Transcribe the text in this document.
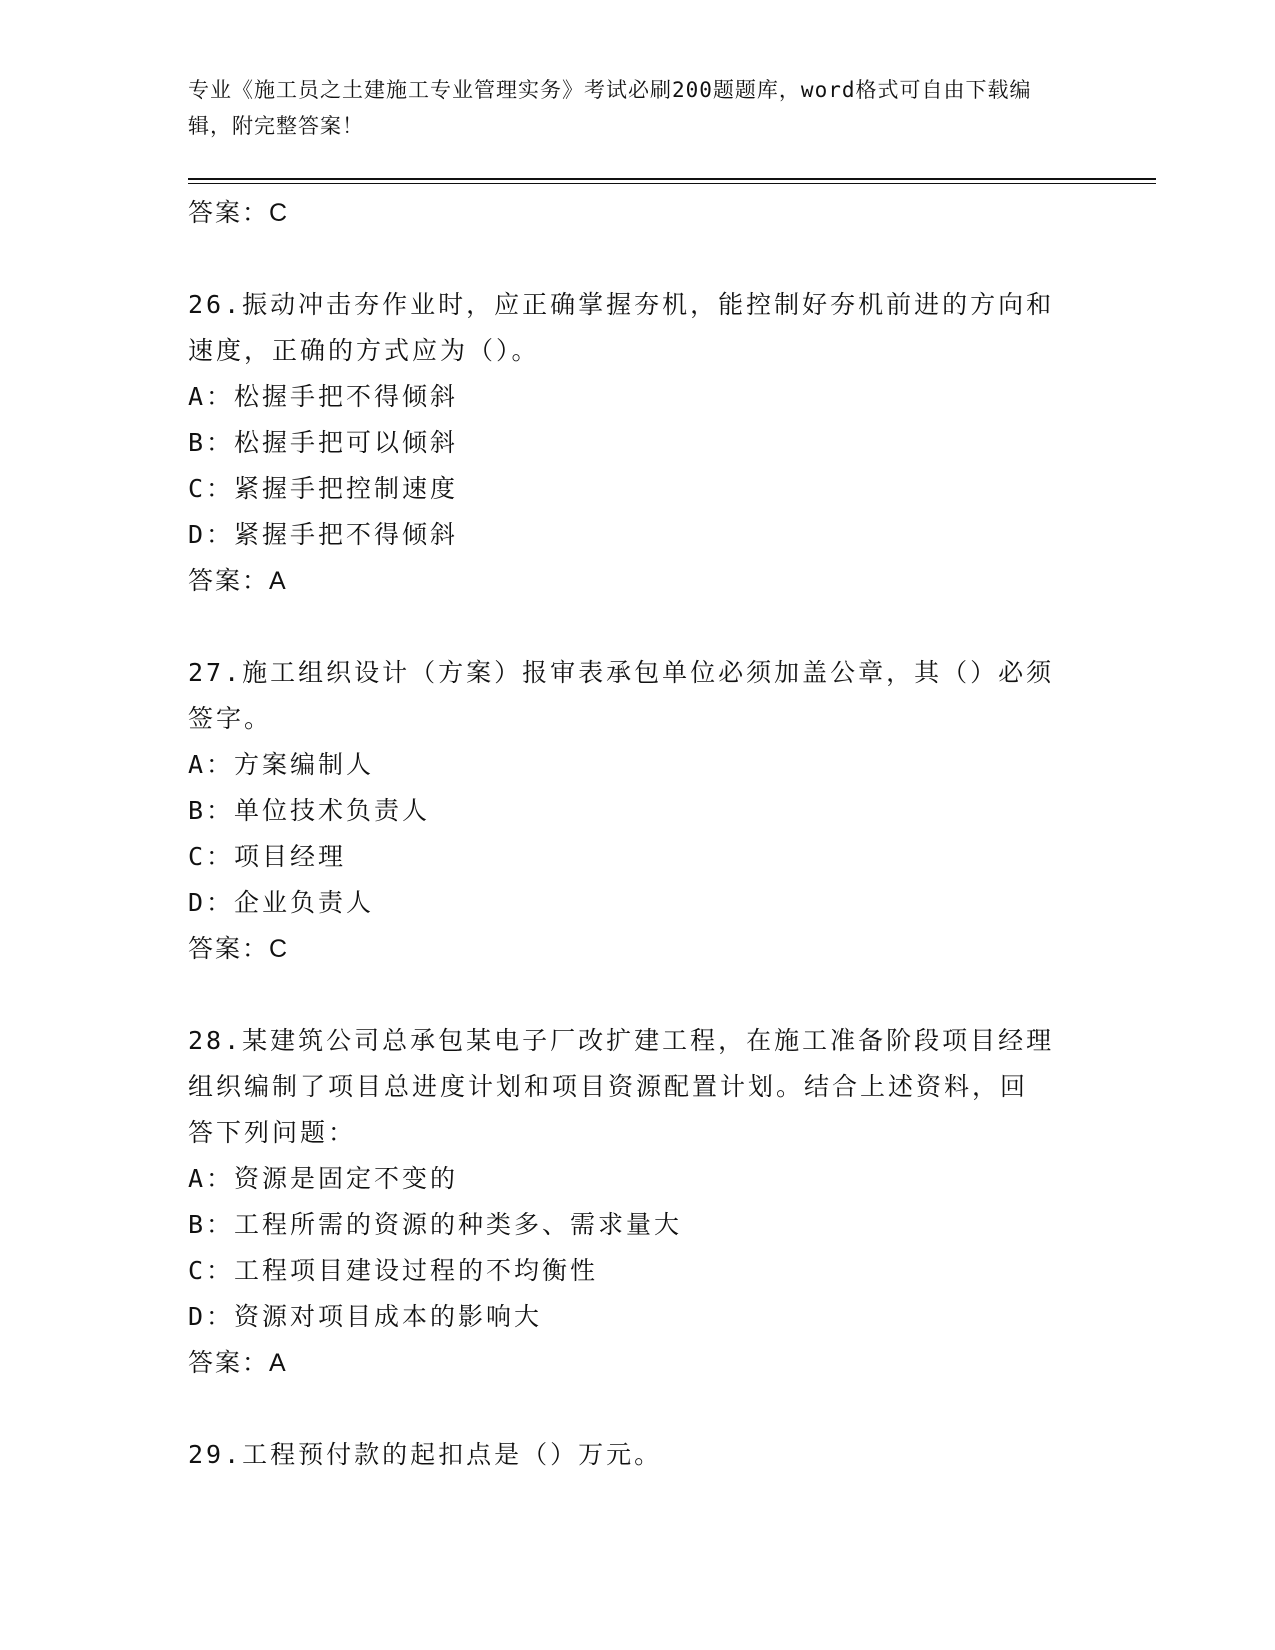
专业《施工员之土建施工专业管理实务》考试必刷200题题库，word格式可自由下载编辑，附完整答案！
答案：C
26.振动冲击夯作业时，应正确掌握夯机，能控制好夯机前进的方向和
速度，正确的方式应为（）。
A：松握手把不得倾斜
B：松握手把可以倾斜
C：紧握手把控制速度
D：紧握手把不得倾斜
答案：A
27.施工组织设计（方案）报审表承包单位必须加盖公章，其（）必须
签字。
A：方案编制人
B：单位技术负责人
C：项目经理
D：企业负责人
答案：C
28.某建筑公司总承包某电子厂改扩建工程，在施工准备阶段项目经理
组织编制了项目总进度计划和项目资源配置计划。结合上述资料，回
答下列问题：
A：资源是固定不变的
B：工程所需的资源的种类多、需求量大
C：工程项目建设过程的不均衡性
D：资源对项目成本的影响大
答案：A
29.工程预付款的起扣点是（）万元。
